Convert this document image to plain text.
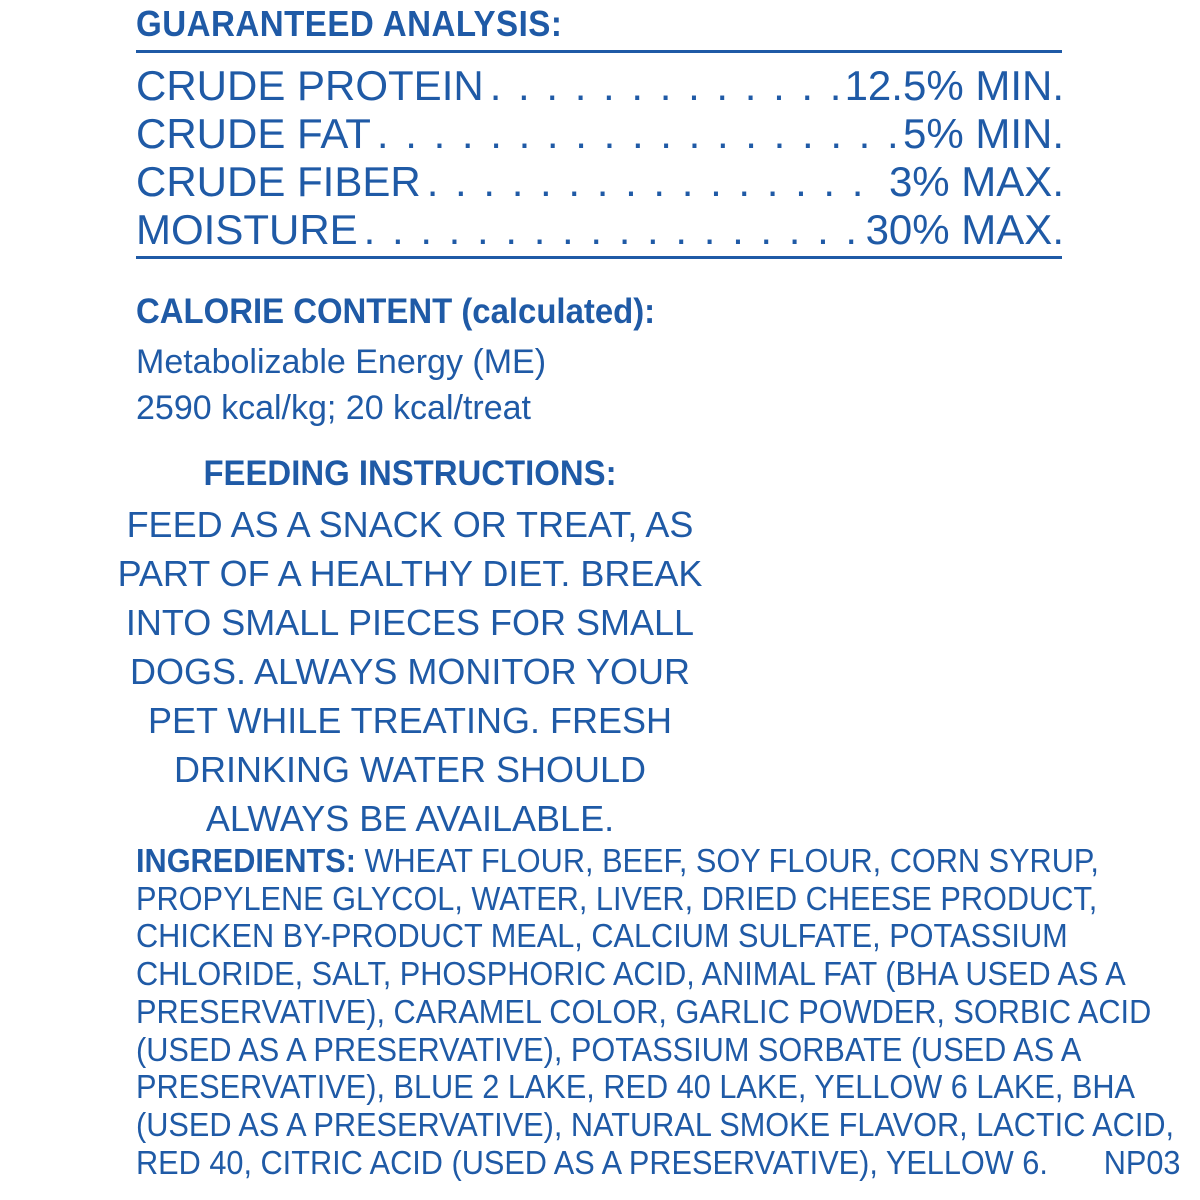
GUARANTEED ANALYSIS:
CRUDE PROTEIN . . .	12.5% MIN.
CRUDE FAT . . .	5% MIN.
CRUDE FIBER . . .	3% MAX.
MOISTURE . . .	30% MAX.
CALORIE CONTENT (calculated):
Metabolizable Energy (ME)
2590 kcal/kg; 20 kcal/treat
FEEDING INSTRUCTIONS:
FEED AS A SNACK OR TREAT, AS
PART OF A HEALTHY DIET. BREAK
INTO SMALL PIECES FOR SMALL
DOGS. ALWAYS MONITOR YOUR
PET WHILE TREATING. FRESH
DRINKING WATER SHOULD
ALWAYS BE AVAILABLE.
INGREDIENTS: WHEAT FLOUR, BEEF, SOY FLOUR, CORN SYRUP,
PROPYLENE GLYCOL, WATER, LIVER, DRIED CHEESE PRODUCT,
CHICKEN BY-PRODUCT MEAL, CALCIUM SULFATE, POTASSIUM
CHLORIDE, SALT, PHOSPHORIC ACID, ANIMAL FAT (BHA USED AS A
PRESERVATIVE), CARAMEL COLOR, GARLIC POWDER, SORBIC ACID
(USED AS A PRESERVATIVE), POTASSIUM SORBATE (USED AS A
PRESERVATIVE), BLUE 2 LAKE, RED 40 LAKE, YELLOW 6 LAKE, BHA
(USED AS A PRESERVATIVE), NATURAL SMOKE FLAVOR, LACTIC ACID,
RED 40, CITRIC ACID (USED AS A PRESERVATIVE), YELLOW 6. NP03
